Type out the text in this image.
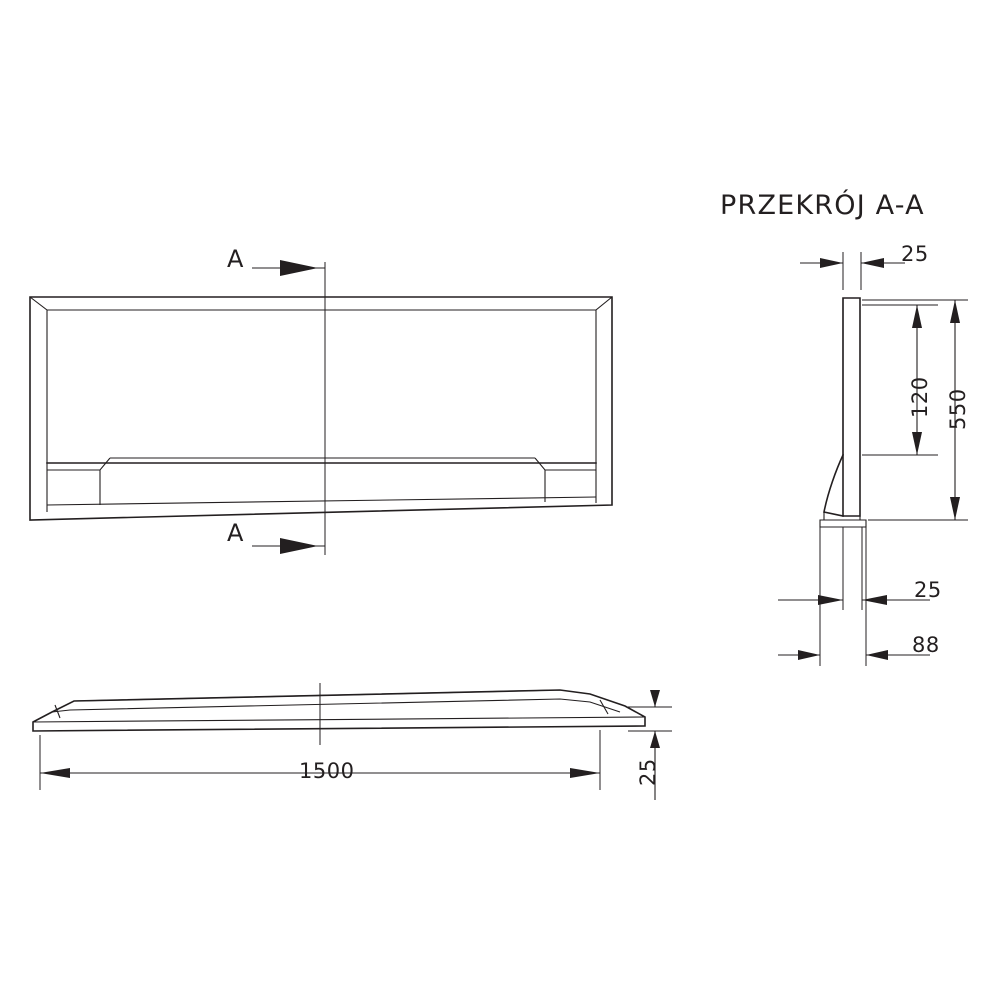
PRZEKRÓJ A-A
A
A
1500	25
25
120 550
25
88
